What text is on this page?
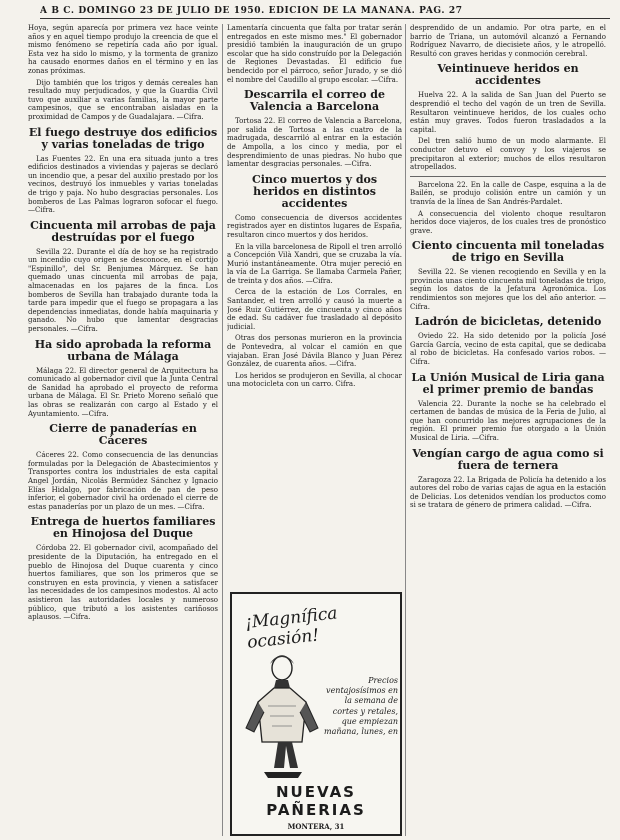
A B C. DOMINGO 23 DE JULIO DE 1950. EDICION DE LA MAÑANA. PAG. 27

Hoya, según aparecía por primera vez hace veinte años y en aquel tiempo produjo la creencia de que el mismo fenómeno se repetiría cada año por igual. Esta vez ha sido lo mismo, y la tormenta de granizo ha causado enormes daños en el término y en las zonas próximas.

Dijo también que los trigos y demás cereales han resultado muy perjudicados, y que la Guardia Civil tuvo que auxiliar a varias familias, la mayor parte campesinos, que se encontraban aisladas en la proximidad de Campos y de Guadalajara. —Cifra.

El fuego destruye dos edificios y varias toneladas de trigo

Las Fuentes 22. En una era situada junto a tres edificios destinados a viviendas y pajeras se declaró un incendio que, a pesar del auxilio prestado por los vecinos, destruyó los inmuebles y varias toneladas de trigo y paja. No hubo desgracias personales. Los bomberos de Las Palmas lograron sofocar el fuego. —Cifra.

Cincuenta mil arrobas de paja destruídas por el fuego

Sevilla 22. Durante el día de hoy se ha registrado un incendio cuyo origen se desconoce, en el cortijo "Espinillo", del Sr. Benjumea Márquez. Se han quemado unas cincuenta mil arrobas de paja, almacenadas en los pajares de la finca. Los bomberos de Sevilla han trabajado durante toda la tarde para impedir que el fuego se propagara a las dependencias inmediatas, donde había maquinaria y ganado. No hubo que lamentar desgracias personales. —Cifra.

Ha sido aprobada la reforma urbana de Málaga

Málaga 22. El director general de Arquitectura ha comunicado al gobernador civil que la Junta Central de Sanidad ha aprobado el proyecto de reforma urbana de Málaga. El Sr. Prieto Moreno señaló que las obras se realizarán con cargo al Estado y el Ayuntamiento. —Cifra.

Cierre de panaderías en Cáceres

Cáceres 22. Como consecuencia de las denuncias formuladas por la Delegación de Abastecimientos y Transportes contra los industriales de esta capital Angel Jordán, Nicolás Bermúdez Sánchez y Ignacio Elías Hidalgo, por fabricación de pan de peso inferior, el gobernador civil ha ordenado el cierre de estas panaderías por un plazo de un mes. —Cifra.

Entrega de huertos familiares en Hinojosa del Duque

Córdoba 22. El gobernador civil, acompañado del presidente de la Diputación, ha entregado en el pueblo de Hinojosa del Duque cuarenta y cinco huertos familiares, que son los primeros que se construyen en esta provincia, y vienen a satisfacer las necesidades de los campesinos modestos. Al acto asistieron las autoridades locales y numeroso público, que tributó a los asistentes cariñosos aplausos. —Cifra.

Lamentaría cincuenta que falta por tratar serán entregados en este mismo mes." El gobernador presidió también la inauguración de un grupo escolar que ha sido construído por la Delegación de Regiones Devastadas. El edificio fue bendecido por el párroco, señor Jurado, y se dió el nombre del Caudillo al grupo escolar. —Cifra.

Descarrila el correo de Valencia a Barcelona

Tortosa 22. El correo de Valencia a Barcelona, por salida de Tortosa a las cuatro de la madrugada, descarriló al entrar en la estación de Ampolla, a los cinco y media, por el desprendimiento de unas piedras. No hubo que lamentar desgracias personales. —Cifra.

Cinco muertos y dos heridos en distintos accidentes

Como consecuencia de diversos accidentes registrados ayer en distintos lugares de España, resultaron cinco muertos y dos heridos.

En la villa barcelonesa de Ripoll el tren arrolló a Concepción Vilà Xandri, que se cruzaba la vía. Murió instantáneamente. Otra mujer pereció en la vía de La Garriga. Se llamaba Carmela Pañer, de treinta y dos años. —Cifra.

Cerca de la estación de Los Corrales, en Santander, el tren arrolló y causó la muerte a José Ruiz Gutiérrez, de cincuenta y cinco años de edad. Su cadáver fue trasladado al depósito judicial.

Otras dos personas murieron en la provincia de Pontevedra, al volcar el camión en que viajaban. Eran José Dávila Blanco y Juan Pérez González, de cuarenta años. —Cifra.

Los heridos se produjeron en Sevilla, al chocar una motocicleta con un carro. Cifra.

¡Magnífica ocasión!
Precios ventajosísimos en la semana de cortes y retales, que empiezan mañana, lunes, en
NUEVAS PAÑERIAS
MONTERA, 31

desprendido de un andamio. Por otra parte, en el barrio de Triana, un automóvil alcanzó a Fernando Rodríguez Navarro, de diecisiete años, y le atropelló. Resultó con graves heridas y conmoción cerebral.

Veintinueve heridos en accidentes

Huelva 22. A la salida de San Juan del Puerto se desprendió el techo del vagón de un tren de Sevilla. Resultaron veintinueve heridos, de los cuales ocho están muy graves. Todos fueron trasladados a la capital.

Del tren salió humo de un modo alarmante. El conductor detuvo el convoy y los viajeros se precipitaron al exterior; muchos de ellos resultaron atropellados.

Barcelona 22. En la calle de Caspe, esquina a la de Bailén, se produjo colisión entre un camión y un tranvía de la línea de San Andrés-Pardalet.

A consecuencia del violento choque resultaron heridos doce viajeros, de los cuales tres de pronóstico grave.

Ciento cincuenta mil toneladas de trigo en Sevilla

Sevilla 22. Se vienen recogiendo en Sevilla y en la provincia unas ciento cincuenta mil toneladas de trigo, según los datos de la Jefatura Agronómica. Los rendimientos son mejores que los del año anterior. —Cifra.

Ladrón de bicicletas, detenido

Oviedo 22. Ha sido detenido por la policía José García García, vecino de esta capital, que se dedicaba al robo de bicicletas. Ha confesado varios robos. —Cifra.

La Unión Musical de Liria gana el primer premio de bandas

Valencia 22. Durante la noche se ha celebrado el certamen de bandas de música de la Feria de Julio, al que han concurrido las mejores agrupaciones de la región. El primer premio fue otorgado a la Unión Musical de Liria. —Cifra.

Vengían cargo de agua como si fuera de ternera

Zaragoza 22. La Brigada de Policía ha detenido a los autores del robo de varias cajas de agua en la estación de Delicias. Los detenidos vendían los productos como si se tratara de género de primera calidad. —Cifra.
